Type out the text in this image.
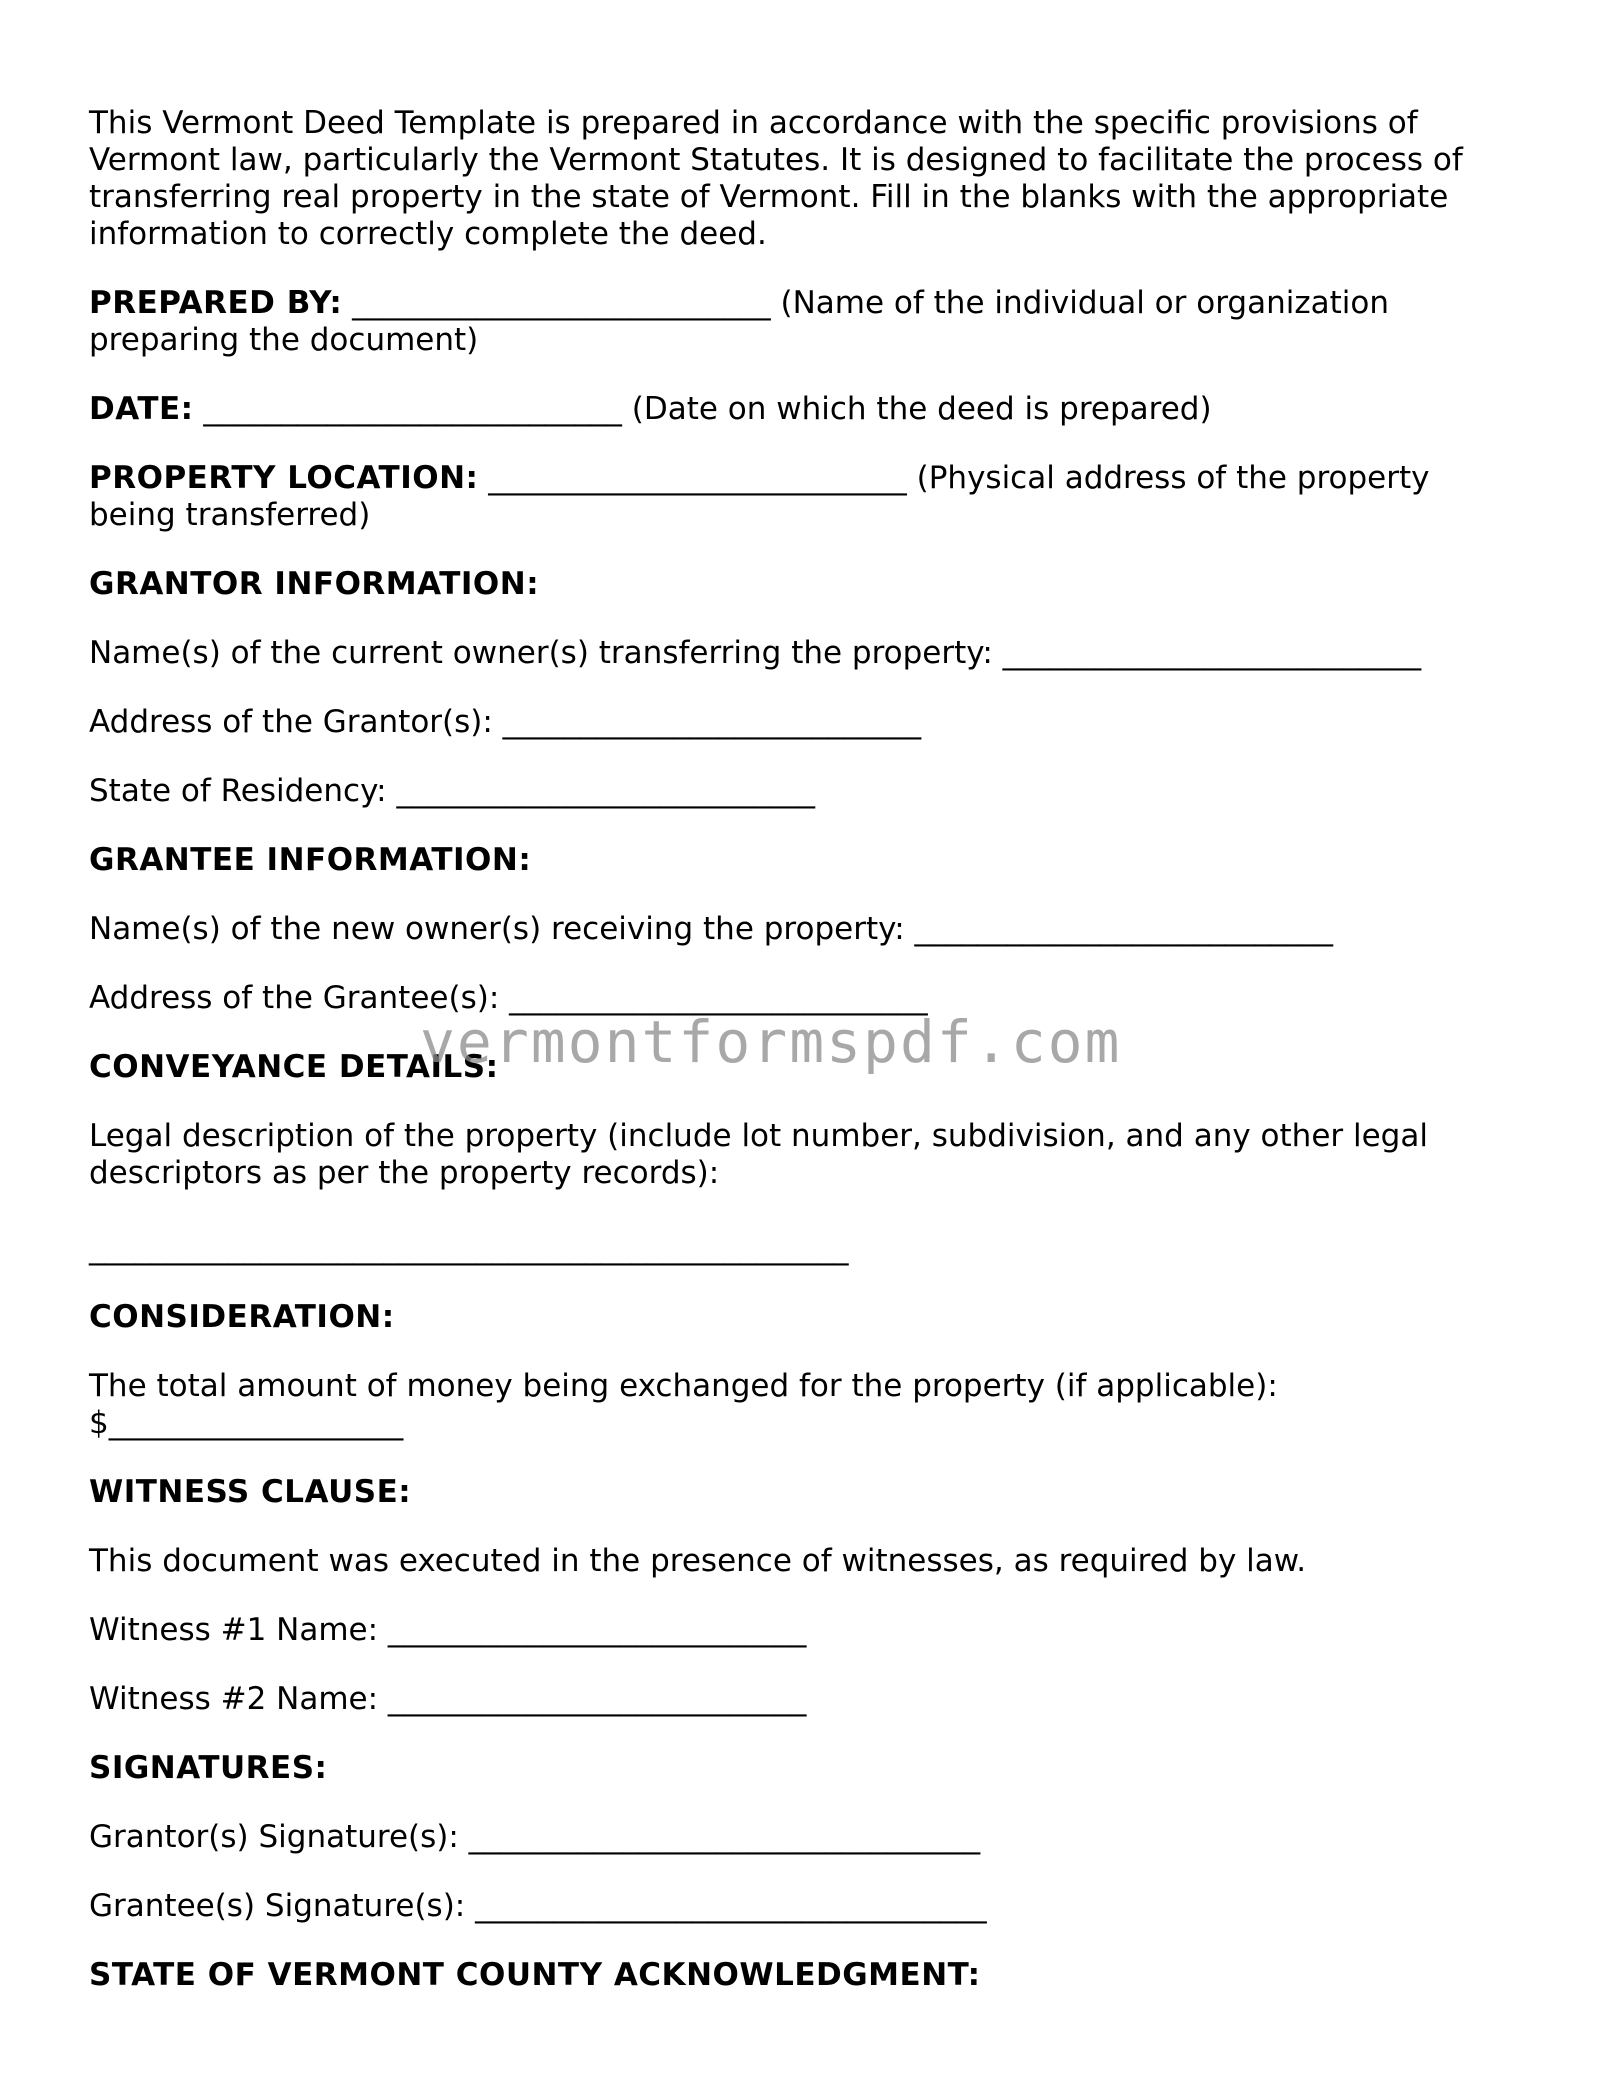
This Vermont Deed Template is prepared in accordance with the specific provisions of Vermont law, particularly the Vermont Statutes. It is designed to facilitate the process of transferring real property in the state of Vermont. Fill in the blanks with the appropriate information to correctly complete the deed.

PREPARED BY: ___________________________ (Name of the individual or organization preparing the document)

DATE: ___________________________ (Date on which the deed is prepared)

PROPERTY LOCATION: ___________________________ (Physical address of the property being transferred)

GRANTOR INFORMATION:

Name(s) of the current owner(s) transferring the property: ___________________________

Address of the Grantor(s): ___________________________

State of Residency: ___________________________

GRANTEE INFORMATION:

Name(s) of the new owner(s) receiving the property: ___________________________

Address of the Grantee(s): ___________________________

CONVEYANCE DETAILS:

Legal description of the property (include lot number, subdivision, and any other legal descriptors as per the property records):

_________________________________________________

CONSIDERATION:

The total amount of money being exchanged for the property (if applicable):
$___________________

WITNESS CLAUSE:

This document was executed in the presence of witnesses, as required by law.

Witness #1 Name: ___________________________

Witness #2 Name: ___________________________

SIGNATURES:

Grantor(s) Signature(s): _________________________________

Grantee(s) Signature(s): _________________________________

STATE OF VERMONT COUNTY ACKNOWLEDGMENT:

vermontformspdf.com
